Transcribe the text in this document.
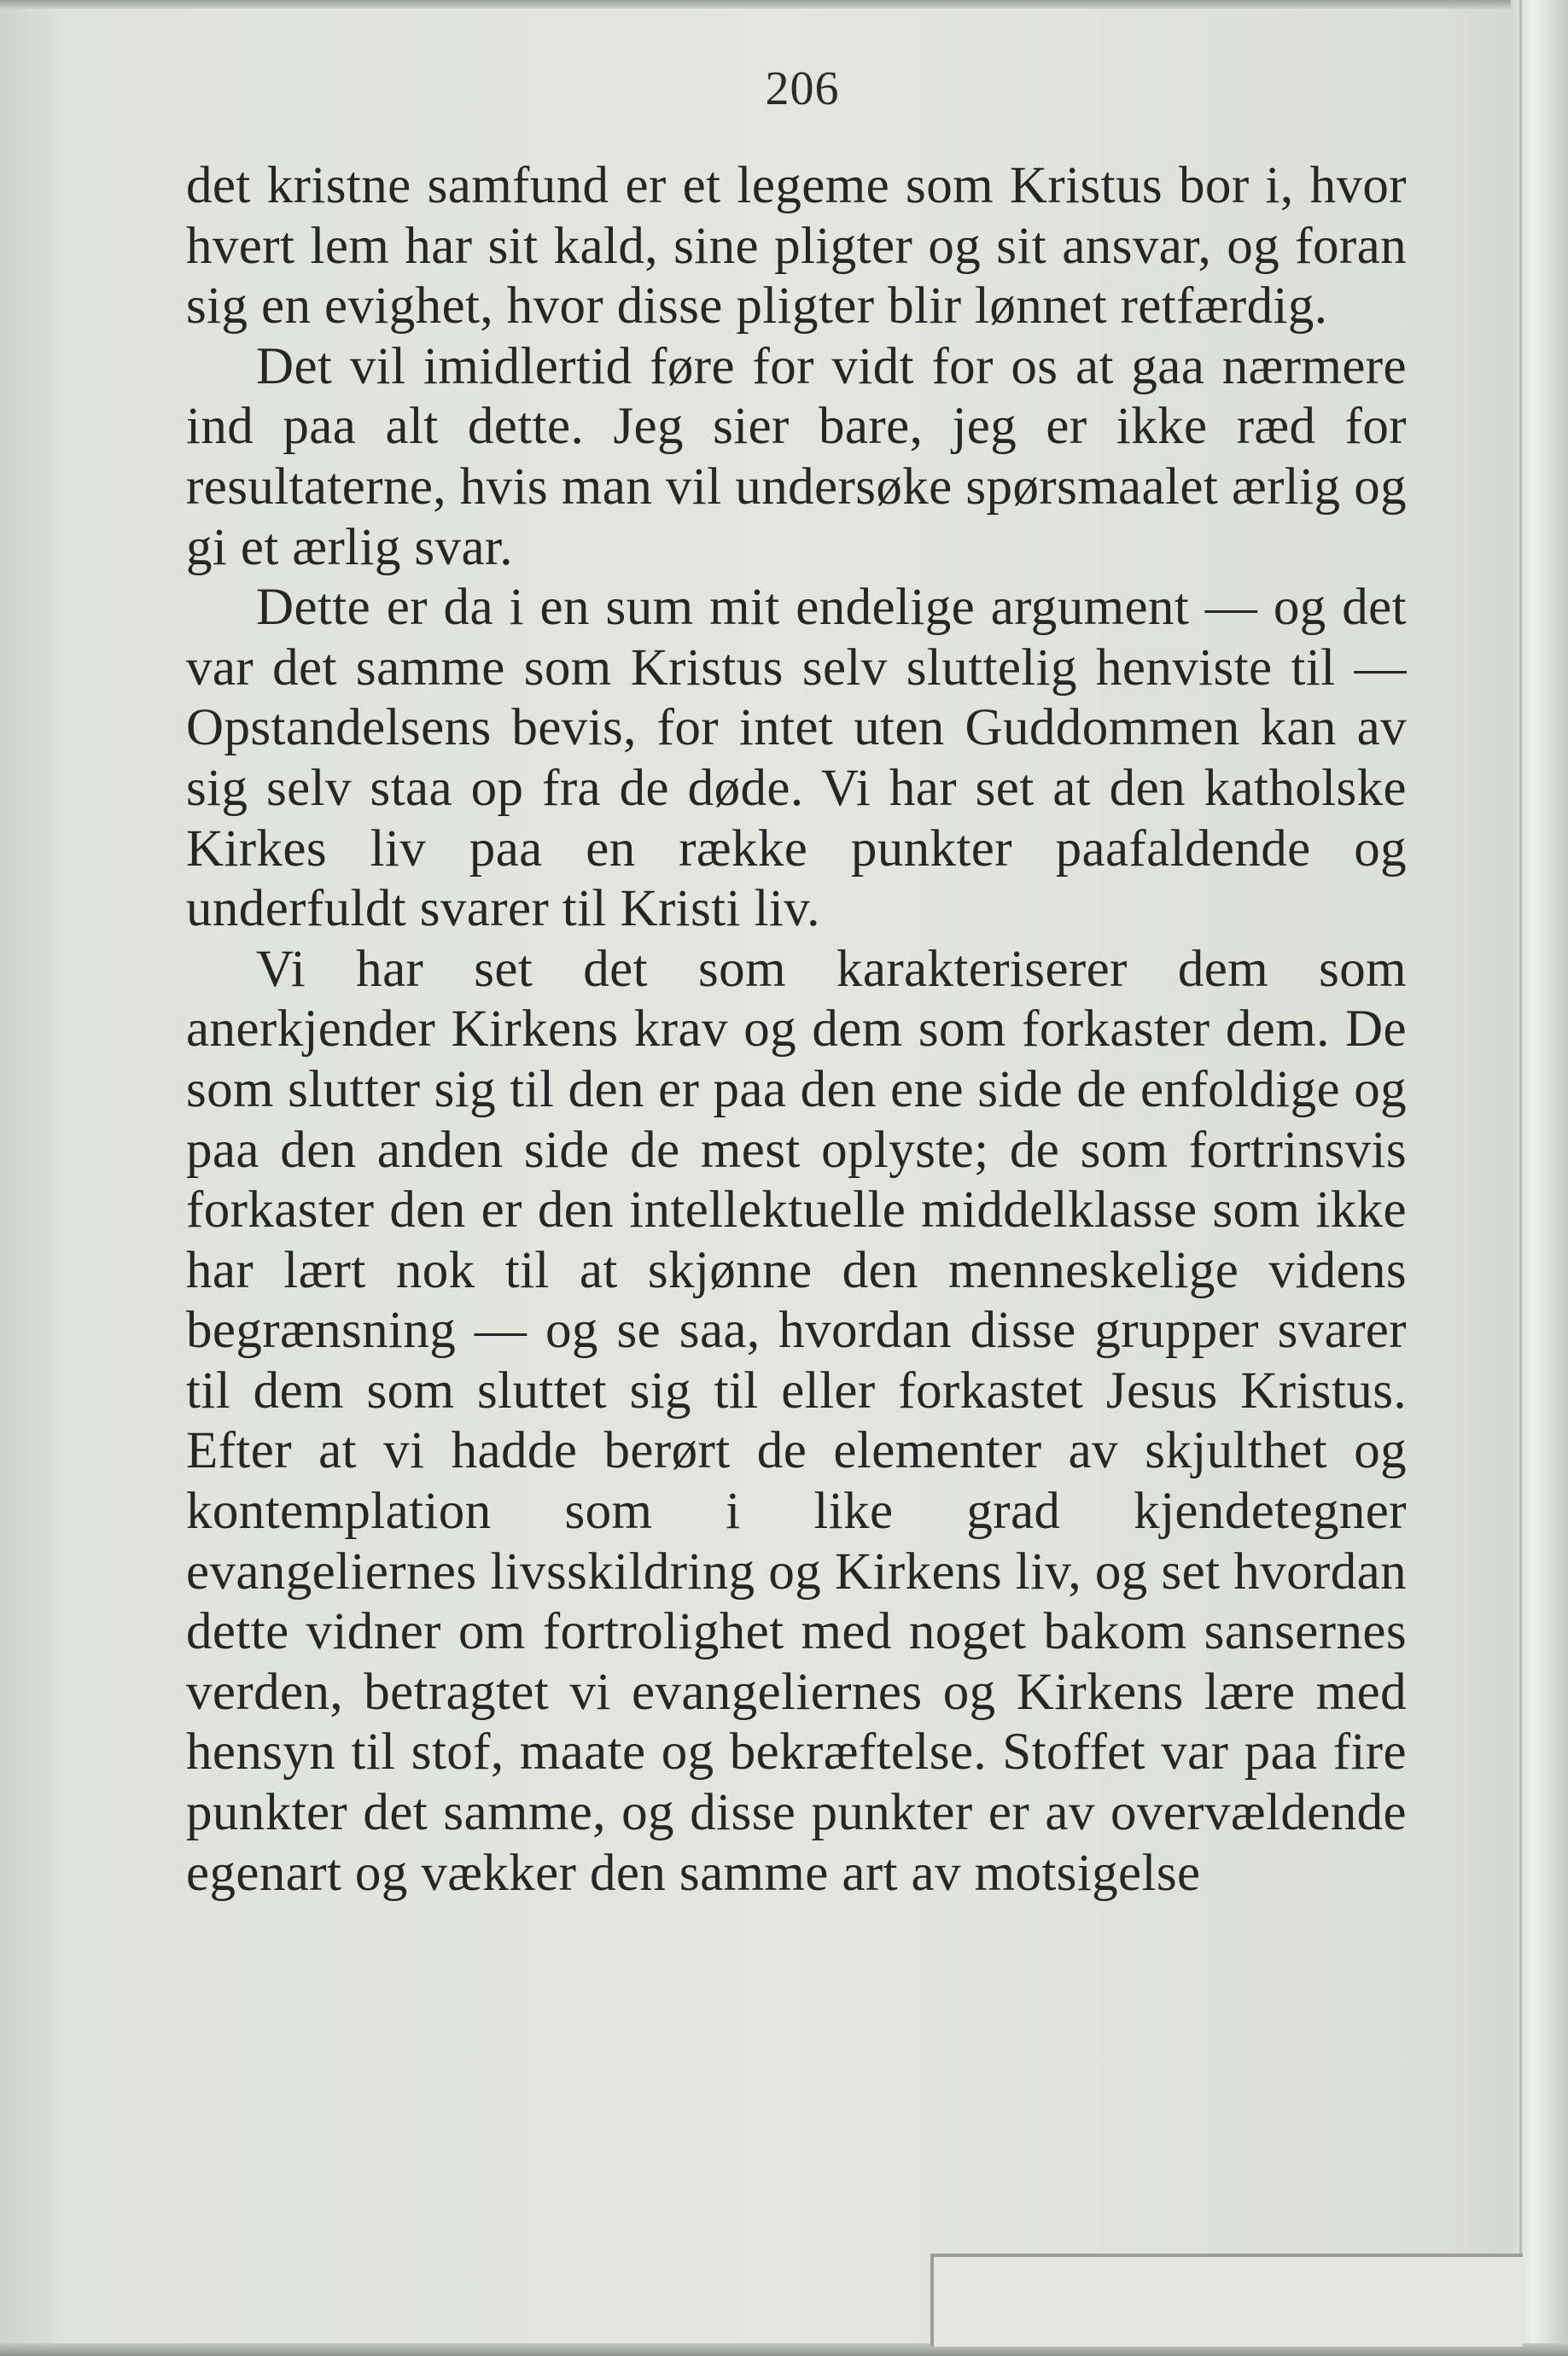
206

det kristne samfund er et legeme som Kristus bor i, hvor hvert lem har sit kald, sine pligter og sit ansvar, og foran sig en evighet, hvor disse pligter blir lønnet retfærdig.

Det vil imidlertid føre for vidt for os at gaa nærmere ind paa alt dette. Jeg sier bare, jeg er ikke ræd for resultaterne, hvis man vil undersøke spørsmaalet ærlig og gi et ærlig svar.

Dette er da i en sum mit endelige argument — og det var det samme som Kristus selv sluttelig henviste til — Opstandelsens bevis, for intet uten Guddommen kan av sig selv staa op fra de døde. Vi har set at den katholske Kirkes liv paa en række punkter paafaldende og underfuldt svarer til Kristi liv.

Vi har set det som karakteriserer dem som anerkjender Kirkens krav og dem som forkaster dem. De som slutter sig til den er paa den ene side de enfoldige og paa den anden side de mest oplyste; de som fortrinsvis forkaster den er den intellektuelle middelklasse som ikke har lært nok til at skjønne den menneskelige videns begrænsning — og se saa, hvordan disse grupper svarer til dem som sluttet sig til eller forkastet Jesus Kristus. Efter at vi hadde berørt de elementer av skjulthet og kontemplation som i like grad kjendetegner evangeliernes livsskildring og Kirkens liv, og set hvordan dette vidner om fortrolighet med noget bakom sansernes verden, betragtet vi evangeliernes og Kirkens lære med hensyn til stof, maate og bekræftelse. Stoffet var paa fire punkter det samme, og disse punkter er av overvældende egenart og vækker den samme art av motsigelse
